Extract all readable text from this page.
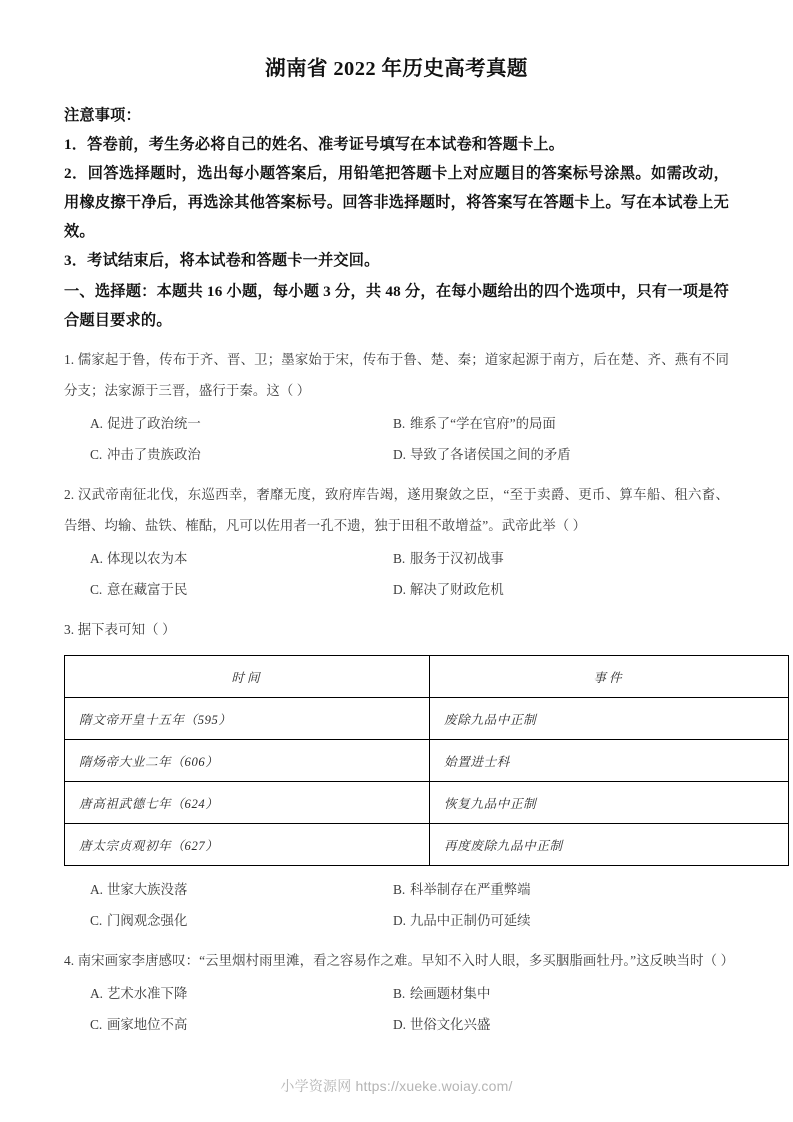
湖南省 2022 年历史高考真题
注意事项：
1．答卷前，考生务必将自己的姓名、准考证号填写在本试卷和答题卡上。
2．回答选择题时，选出每小题答案后，用铅笔把答题卡上对应题目的答案标号涂黑。如需改动，用橡皮擦干净后，再选涂其他答案标号。回答非选择题时，将答案写在答题卡上。写在本试卷上无效。
3．考试结束后，将本试卷和答题卡一并交回。
一、选择题：本题共 16 小题，每小题 3 分，共 48 分，在每小题给出的四个选项中，只有一项是符合题目要求的。
1. 儒家起于鲁，传布于齐、晋、卫；墨家始于宋，传布于鲁、楚、秦；道家起源于南方，后在楚、齐、燕有不同分支；法家源于三晋，盛行于秦。这（ ）
A. 促进了政治统一	B. 维系了“学在官府”的局面
C. 冲击了贵族政治	D. 导致了各诸侯国之间的矛盾
2. 汉武帝南征北伐，东巡西幸，奢靡无度，致府库告竭，遂用聚敛之臣，“至于卖爵、更币、算车船、租六畜、告缗、均输、盐铁、榷酤，凡可以佐用者一孔不遗，独于田租不敢增益”。武帝此举（ ）
A. 体现以农为本	B. 服务于汉初战事
C. 意在藏富于民	D. 解决了财政危机
3. 据下表可知（ ）
时间	事件
隋文帝开皇十五年（595）	废除九品中正制
隋炀帝大业二年（606）	始置进士科
唐高祖武德七年（624）	恢复九品中正制
唐太宗贞观初年（627）	再度废除九品中正制
A. 世家大族没落	B. 科举制存在严重弊端
C. 门阀观念强化	D. 九品中正制仍可延续
4. 南宋画家李唐感叹：“云里烟村雨里滩，看之容易作之难。早知不入时人眼，多买胭脂画牡丹。”这反映当时（ ）
A. 艺术水准下降	B. 绘画题材集中
C. 画家地位不高	D. 世俗文化兴盛
小学资源网 https://xueke.woiay.com/
